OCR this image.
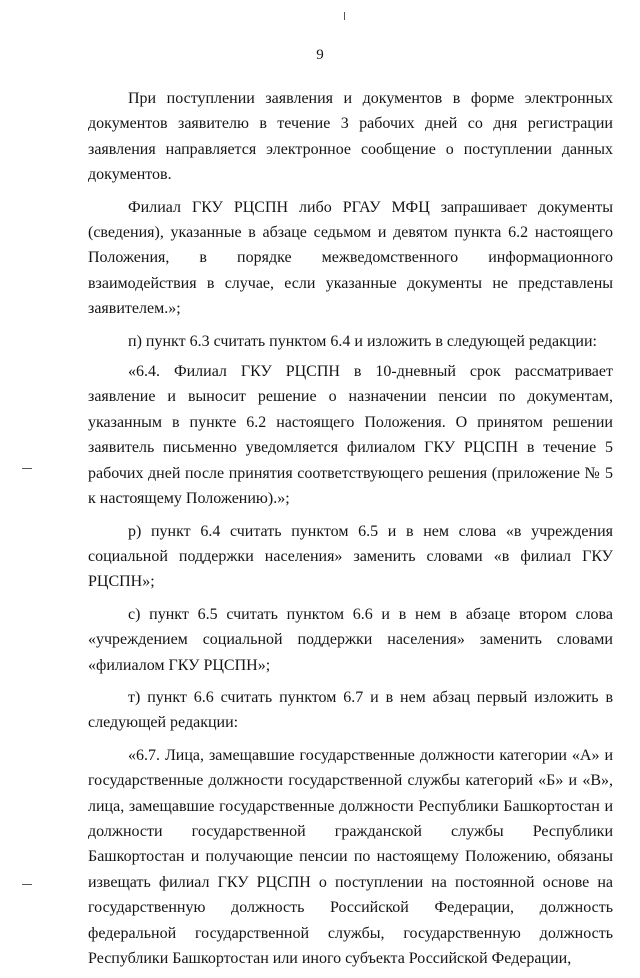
9

При поступлении заявления и документов в форме электронных документов заявителю в течение 3 рабочих дней со дня регистрации заявления направляется электронное сообщение о поступлении данных документов.

Филиал ГКУ РЦСПН либо РГАУ МФЦ запрашивает документы (сведения), указанные в абзаце седьмом и девятом пункта 6.2 настоящего Положения, в порядке межведомственного информационного взаимодействия в случае, если указанные документы не представлены заявителем.»;

п) пункт 6.3 считать пунктом 6.4 и изложить в следующей редакции:

«6.4. Филиал ГКУ РЦСПН в 10-дневный срок рассматривает заявление и выносит решение о назначении пенсии по документам, указанным в пункте 6.2 настоящего Положения. О принятом решении заявитель письменно уведомляется филиалом ГКУ РЦСПН в течение 5 рабочих дней после принятия соответствующего решения (приложение № 5 к настоящему Положению).»;

р) пункт 6.4 считать пунктом 6.5 и в нем слова «в учреждения социальной поддержки населения» заменить словами «в филиал ГКУ РЦСПН»;

с) пункт 6.5 считать пунктом 6.6 и в нем в абзаце втором слова «учреждением социальной поддержки населения» заменить словами «филиалом ГКУ РЦСПН»;

т) пункт 6.6 считать пунктом 6.7 и в нем абзац первый изложить в следующей редакции:

«6.7. Лица, замещавшие государственные должности категории «А» и государственные должности государственной службы категорий «Б» и «В», лица, замещавшие государственные должности Республики Башкортостан и должности государственной гражданской службы Республики Башкортостан и получающие пенсии по настоящему Положению, обязаны извещать филиал ГКУ РЦСПН о поступлении на постоянной основе на государственную должность Российской Федерации, должность федеральной государственной службы, государственную должность Республики Башкортостан или иного субъекта Российской Федерации,
